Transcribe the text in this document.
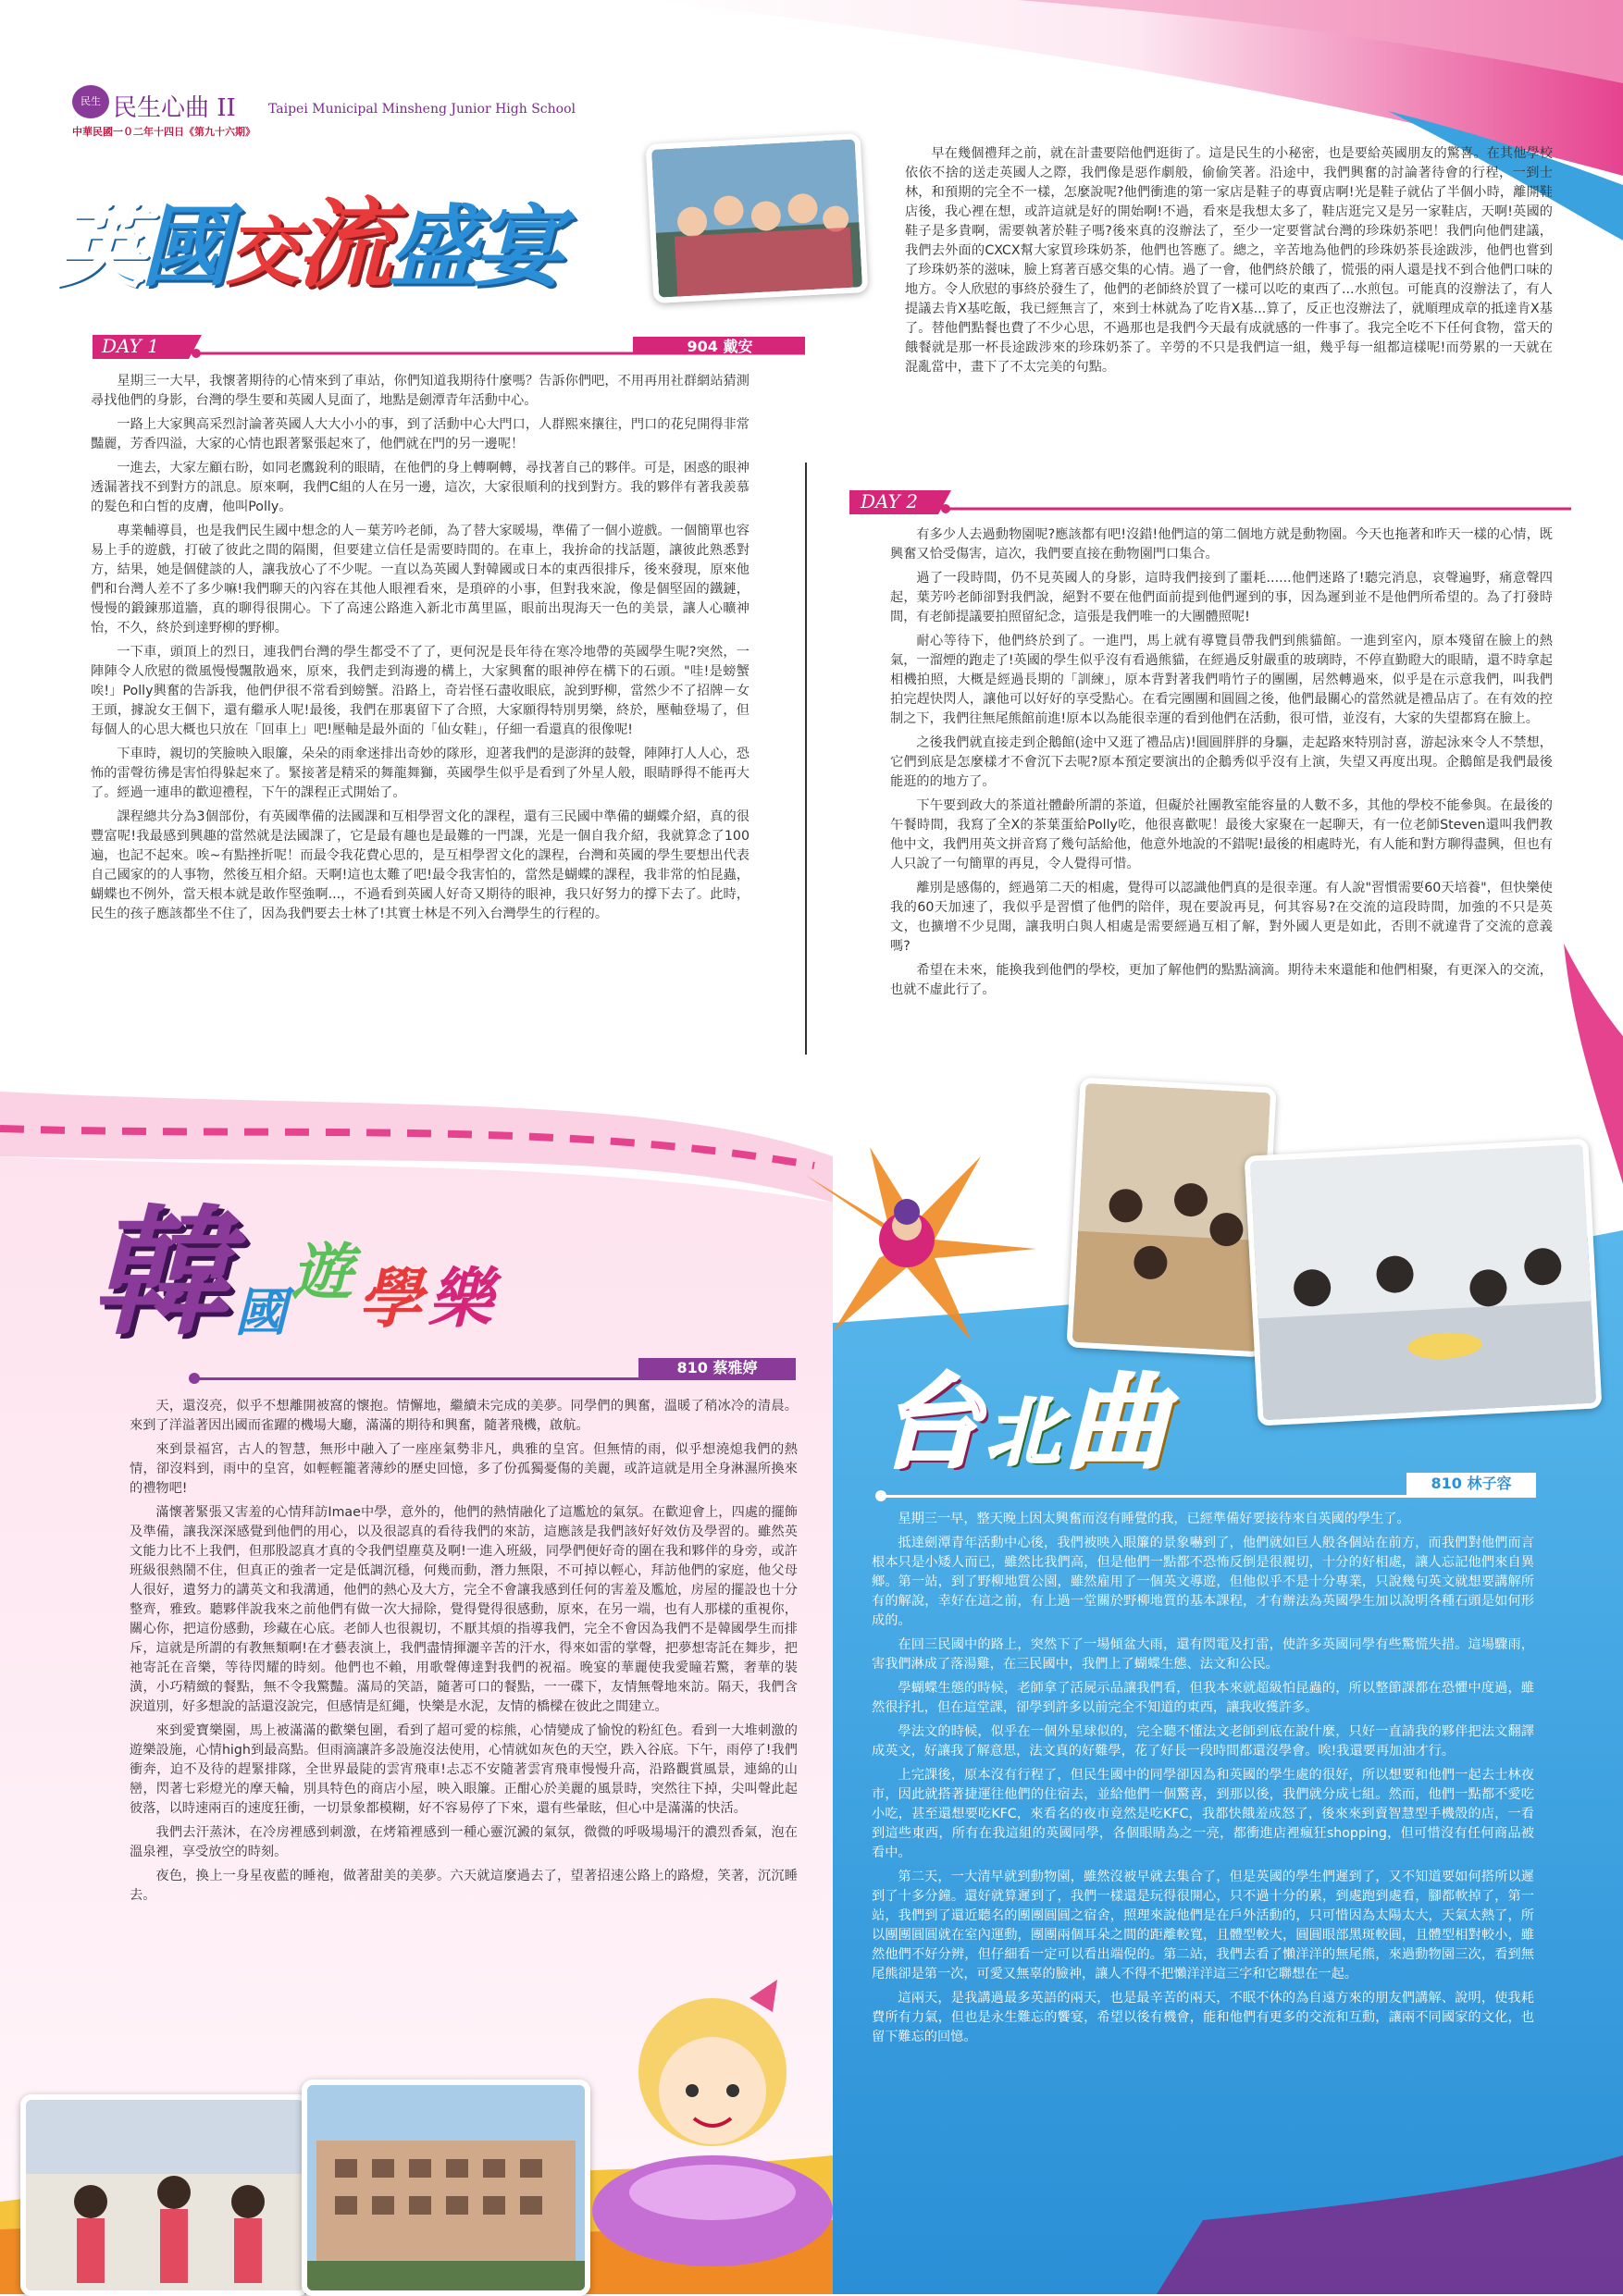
民生 民生心曲 II	Taipei Municipal Minsheng Junior High School
中華民國一０二年十四日《第九十六期》
英國交流盛宴
DAY 1	904 戴安

星期三一大早，我懷著期待的心情來到了車站，你們知道我期待什麼嗎？告訴你們吧，不用再用社群網站猜測尋找他們的身影，台灣的學生要和英國人見面了，地點是劍潭青年活動中心。

一路上大家興高采烈討論著英國人大大小小的事，到了活動中心大門口，人群熙來攘往，門口的花兒開得非常豔麗，芳香四溢，大家的心情也跟著緊張起來了，他們就在門的另一邊呢！

一進去，大家左顧右盼，如同老鷹銳利的眼睛，在他們的身上轉啊轉，尋找著自己的夥伴。可是，困惑的眼神透漏著找不到對方的訊息。原來啊，我們C組的人在另一邊，這次，大家很順利的找到對方。我的夥伴有著我羨慕的髮色和白皙的皮膚，他叫Polly。

專業輔導員，也是我們民生國中想念的人－葉芳吟老師，為了替大家暖場，準備了一個小遊戲。一個簡單也容易上手的遊戲，打破了彼此之間的隔閡，但要建立信任是需要時間的。在車上，我拚命的找話題，讓彼此熟悉對方，結果，她是個健談的人，讓我放心了不少呢。一直以為英國人對韓國或日本的東西很排斥，後來發現，原來他們和台灣人差不了多少嘛!我們聊天的內容在其他人眼裡看來，是瑣碎的小事，但對我來說，像是個堅固的鐵鏈，慢慢的鍛鍊那道牆，真的聊得很開心。下了高速公路進入新北市萬里區，眼前出現海天一色的美景，讓人心曠神怡，不久，終於到達野柳的野柳。

一下車，頭頂上的烈日，連我們台灣的學生都受不了了，更何況是長年待在寒冷地帶的英國學生呢?突然，一陣陣令人欣慰的微風慢慢飄散過來，原來，我們走到海邊的構上，大家興奮的眼神停在構下的石頭。"哇!是螃蟹唉!」Polly興奮的告訴我，他們伊很不常看到螃蟹。沿路上，奇岩怪石盡收眼底，說到野柳，當然少不了招牌－女王頭，據說女王個下，還有繼承人呢!最後，我們在那裏留下了合照，大家願得特別男樂，終於，壓軸登場了，但每個人的心思大概也只放在「回車上」吧!壓軸是最外面的「仙女鞋」，仔細一看還真的很像呢!

下車時，親切的笑臉映入眼簾，朵朵的雨傘迷排出奇妙的隊形，迎著我們的是澎湃的鼓聲，陣陣打人人心，恐怖的雷聲彷彿是害怕得躲起來了。緊接著是精采的舞龍舞獅，英國學生似乎是看到了外星人般，眼睛睜得不能再大了。經過一連串的歡迎禮程，下午的課程正式開始了。

課程總共分為3個部份，有英國準備的法國課和互相學習文化的課程，還有三民國中準備的蝴蝶介紹，真的很豐富呢!我最感到興趣的當然就是法國課了，它是最有趣也是最難的一門課，光是一個自我介紹，我就算念了100遍，也記不起來。唉~有點挫折呢！而最令我花費心思的，是互相學習文化的課程，台灣和英國的學生要想出代表自己國家的的人事物，然後互相介紹。天啊!這也太難了吧!最令我害怕的，當然是蝴蝶的課程，我非常的怕昆蟲，蝴蝶也不例外，當天根本就是敢作堅強啊...，不過看到英國人好奇又期待的眼神，我只好努力的撐下去了。此時，民生的孩子應該都坐不住了，因為我們要去士林了!其實士林是不列入台灣學生的行程的。

早在幾個禮拜之前，就在計畫要陪他們逛街了。這是民生的小秘密，也是要給英國朋友的驚喜。在其他學校依依不捨的送走英國人之際，我們像是惡作劇般，偷偷笑著。沿途中，我們興奮的討論著待會的行程，一到士林，和預期的完全不一樣，怎麼說呢?他們衝進的第一家店是鞋子的專賣店啊!光是鞋子就佔了半個小時，離開鞋店後，我心裡在想，或許這就是好的開始啊!不過，看來是我想太多了，鞋店逛完又是另一家鞋店，天啊!英國的鞋子是多貴啊，需要執著於鞋子嗎?後來真的沒辦法了，至少一定要嘗試台灣的珍珠奶茶吧！我們向他們建議，我們去外面的CXCX幫大家買珍珠奶茶，他們也答應了。總之，辛苦地為他們的珍珠奶茶長途跋涉，他們也嘗到了珍珠奶茶的滋味，臉上寫著百感交集的心情。過了一會，他們終於餓了，慌張的兩人還是找不到合他們口味的地方。令人欣慰的事終於發生了，他們的老師終於買了一樣可以吃的東西了...水煎包。可能真的沒辦法了，有人提議去肯X基吃飯，我已經無言了，來到士林就為了吃肯X基...算了，反正也沒辦法了，就順理成章的抵達肯X基了。替他們點餐也費了不少心思，不過那也是我們今天最有成就感的一件事了。我完全吃不下任何食物，當天的餓餐就是那一杯長途跋涉來的珍珠奶茶了。辛勞的不只是我們這一組，幾乎每一組都這樣呢!而勞累的一天就在混亂當中，畫下了不太完美的句點。

DAY 2

有多少人去過動物園呢?應該都有吧!沒錯!他們這的第二個地方就是動物園。今天也拖著和昨天一樣的心情，既興奮又恰受傷害，這次，我們要直接在動物園門口集合。

過了一段時間，仍不見英國人的身影，這時我們接到了噩耗......他們迷路了!聽完消息，哀聲遍野，痛意聲四起，葉芳吟老師卻對我們說，絕對不要在他們面前提到他們遲到的事，因為遲到並不是他們所希望的。為了打發時間，有老師提議要拍照留紀念，這張是我們唯一的大團體照呢!

耐心等待下，他們終於到了。一進門，馬上就有導覽員帶我們到熊貓館。一進到室內，原本殘留在臉上的熱氣，一溜煙的跑走了!英國的學生似乎沒有看過熊貓，在經過反射嚴重的玻璃時，不停直勤瞪大的眼睛，還不時拿起相機拍照，大概是經過長期的「訓練」，原本背對著我們啃竹子的團團，居然轉過來，似乎是在示意我們，叫我們拍完趕快閃人，讓他可以好好的享受點心。在看完團團和圓圓之後，他們最關心的當然就是禮品店了。在有效的控制之下，我們往無尾熊館前進!原本以為能很幸運的看到他們在活動，很可惜，並沒有，大家的失望都寫在臉上。

之後我們就直接走到企鵝館(途中又逛了禮品店)!圓圓胖胖的身驅，走起路來特別討喜，游起泳來令人不禁想，它們到底是怎麼樣才不會沉下去呢?原本預定要演出的企鵝秀似乎沒有上演，失望又再度出現。企鵝館是我們最後能逛的的地方了。

下午要到政大的茶道社體齡所謂的茶道，但礙於社團教室能容量的人數不多，其他的學校不能參與。在最後的午餐時間，我寫了全X的茶葉蛋給Polly吃，他很喜歡呢！最後大家聚在一起聊天，有一位老師Steven還叫我們教他中文，我們用英文拼音寫了幾句話給他，他意外地說的不錯呢!最後的相處時光，有人能和對方聊得盡興，但也有人只說了一句簡單的再見，令人覺得可惜。

離別是感傷的，經過第二天的相處，覺得可以認識他們真的是很幸運。有人說"習慣需要60天培養"，但快樂使我的60天加速了，我似乎是習慣了他們的陪伴，現在要說再見，何其容易?在交流的這段時間，加強的不只是英文，也擴增不少見聞，讓我明白與人相處是需要經過互相了解，對外國人更是如此，否則不就違背了交流的意義嗎?

希望在未來，能換我到他們的學校，更加了解他們的點點滴滴。期待未來還能和他們相聚，有更深入的交流，也就不虛此行了。

韓 國 遊 學 樂
810 蔡雅婷

天，還沒亮，似乎不想離開被窩的懷抱。情懈地，繼續未完成的美夢。同學們的興奮，溫暖了稍冰冷的清晨。來到了洋溢著因出國而雀躍的機場大廳，滿滿的期待和興奮，隨著飛機，啟航。

來到景福宮，古人的智慧，無形中融入了一座座氣勢非凡，典雅的皇宮。但無情的雨，似乎想澆熄我們的熱情，卻沒料到，雨中的皇宮，如輕輕籠著薄紗的歷史回憶，多了份孤獨憂傷的美麗，或許這就是用全身淋濕所換來的禮物吧!

滿懷著緊張又害羞的心情拜訪Imae中學，意外的，他們的熱情融化了這尷尬的氣氛。在歡迎會上，四處的擺飾及準備，讓我深深感覺到他們的用心，以及很認真的看待我們的來訪，這應該是我們該好好效仿及學習的。雖然英文能力比不上我們，但那股認真才真的令我們望塵莫及啊!一進入班級，同學們便好奇的圍在我和夥伴的身旁，或許班級很熱鬧不住，但真正的強者一定是低調沉穩，何幾而動，潛力無限，不可掉以輕心，拜訪他們的家庭，他父母人很好，遺努力的講英文和我溝通，他們的熱心及大方，完全不會讓我感到任何的害羞及尷尬，房屋的擺設也十分整齊，雅致。聽夥伴說我來之前他們有做一次大掃除，覺得覺得很感動，原來，在另一端，也有人那樣的重視你，關心你，把這份感動，珍藏在心底。老師人也很親切，不厭其煩的指導我們，完全不會因為我們不是韓國學生而排斥，這就是所謂的有教無類啊!在才藝表演上，我們盡情揮灑辛苦的汗水，得來如雷的掌聲，把夢想寄託在舞步，把祂寄託在音樂，等待閃耀的時刻。他們也不賴，用歌聲傳達對我們的祝福。晚宴的華麗使我愛瞳若驚，奢華的裝潢，小巧精緻的餐點，無不令我驚豔。滿局的笑語，隨著可口的餐點，一一碟下，友情無聲地來訪。隔天，我們含淚道別，好多想說的話還沒說完，但感情是紅繩，快樂是水泥，友情的橋樑在彼此之間建立。

來到愛寶樂園，馬上被滿滿的歡樂包圍，看到了超可愛的棕熊，心情變成了愉悅的粉紅色。看到一大堆刺激的遊樂設施，心情high到最高點。但雨滴讓許多設施沒法使用，心情就如灰色的天空，跌入谷底。下午，雨停了!我們衝奔，迫不及待的趕緊排隊，全世界最陡的雲宵飛車!忐忑不安隨著雲宵飛車慢慢升高，沿路觀賞風景，連綿的山巒，閃著七彩燈光的摩天輪，別具特色的商店小屋，映入眼簾。正酣心於美麗的風景時，突然往下掉，尖叫聲此起彼落，以時速兩百的速度狂衝，一切景象都模糊，好不容易停了下來，還有些暈眩，但心中是滿滿的快活。

我們去汗蒸沐，在冷房裡感到刺激，在烤箱裡感到一種心靈沉澱的氣氛，微微的呼吸場場汗的濃烈香氣，泡在溫泉裡，享受放空的時刻。

夜色，換上一身星夜藍的睡袍，做著甜美的美夢。六天就這麼過去了，望著招速公路上的路燈，笑著，沉沉睡去。

台 北 曲
810 林子容

星期三一早，整天晚上因太興奮而沒有睡覺的我，已經準備好要接待來自英國的學生了。

抵達劍潭青年活動中心後，我們被映入眼簾的景象嚇到了，他們就如巨人般各個站在前方，而我們對他們而言根本只是小矮人而已，雖然比我們高，但是他們一點都不恐怖反倒是很親切，十分的好相處，讓人忘記他們來自異鄉。第一站，到了野柳地質公園，雖然雇用了一個英文導遊，但他似乎不是十分專業，只說幾句英文就想要講解所有的解說，幸好在這之前，有上過一堂關於野柳地質的基本課程，才有辦法為英國學生加以說明各種石頭是如何形成的。

在回三民國中的路上，突然下了一場傾盆大雨，還有閃電及打雷，使許多英國同學有些驚慌失措。這場驟雨，害我們淋成了落湯雞，在三民國中，我們上了蝴蝶生態、法文和公民。

學蝴蝶生態的時候，老師拿了活屍示品讓我們看，但我本來就超級怕昆蟲的，所以整節課都在恐懼中度過，雖然很抒扎，但在這堂課，卻學到許多以前完全不知道的東西，讓我收獲許多。

學法文的時候，似乎在一個外星球似的，完全聽不懂法文老師到底在說什麼，只好一直請我的夥伴把法文翻譯成英文，好讓我了解意思，法文真的好難學，花了好長一段時間都還沒學會。唉!我還要再加油才行。

上完課後，原本沒有行程了，但民生國中的同學卻因為和英國的學生處的很好，所以想要和他們一起去士林夜市，因此就搭著捷運往他們的住宿去，並給他們一個驚喜，到那以後，我們就分成七組。然而，他們一點都不愛吃小吃，甚至還想要吃KFC，來看名的夜市竟然是吃KFC，我都快餓羞成怒了，後來來到賣智慧型手機殼的店，一看到這些東西，所有在我這組的英國同學，各個眼睛為之一亮，都衝進店裡瘋狂shopping，但可惜沒有任何商品被看中。

第二天，一大清早就到動物園，雖然沒被早就去集合了，但是英國的學生們遲到了，又不知道要如何搭所以遲到了十多分鐘。還好就算遲到了，我們一樣還是玩得很開心，只不過十分的累，到處跑到處看，腳都軟掉了，第一站，我們到了還近聽名的團團圓圓之宿舍，照理來說他們是在戶外活動的，只可惜因為太陽太大，天氣太熱了，所以團團圓圓就在室內運動，團團兩個耳朵之間的距離較寬，且體型較大，圓圓眼部黑斑較圓，且體型相對較小，雖然他們不好分辨，但仔細看一定可以看出端倪的。第二站，我們去看了懶洋洋的無尾熊，來過動物園三次，看到無尾熊卻是第一次，可愛又無辜的臉神，讓人不得不把懶洋洋這三字和它聯想在一起。

這兩天，是我講過最多英語的兩天，也是最辛苦的兩天，不眠不休的為自遠方來的朋友們講解、說明，使我耗費所有力氣，但也是永生難忘的饗宴，希望以後有機會，能和他們有更多的交流和互動，讓兩不同國家的文化，也留下難忘的回憶。
